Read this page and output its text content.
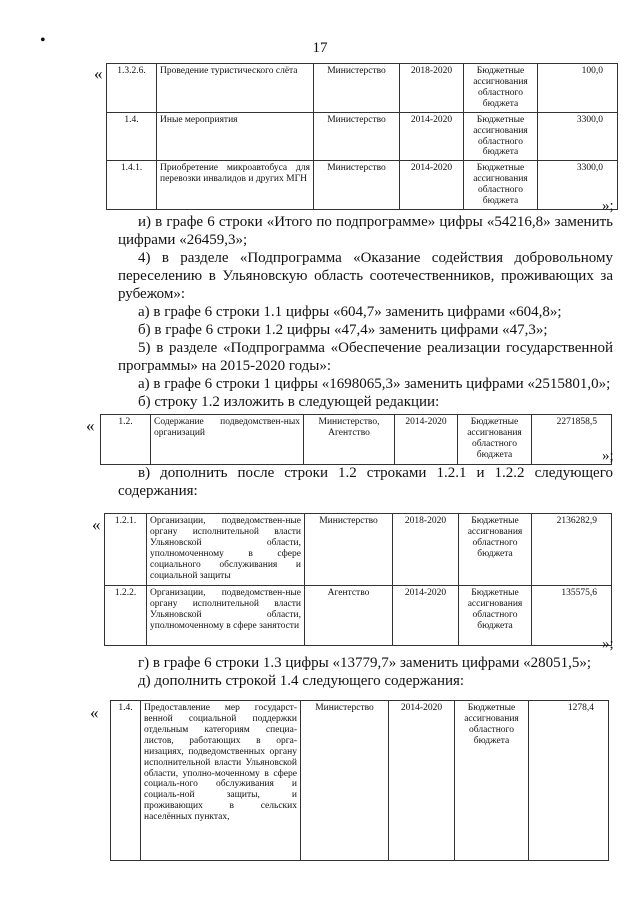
17
•
« 1.3.2.6.	Проведение туристического слёта	Министерство	2018-2020	Бюджетные ассигнования областного бюджета	100,0
1.4.	Иные мероприятия	Министерство	2014-2020	Бюджетные ассигнования областного бюджета	3300,0
1.4.1.	Приобретение микроавтобуса для перевозки инвалидов и других МГН	Министерство	2014-2020	Бюджетные ассигнования областного бюджета	3300,0
»;

и) в графе 6 строки «Итого по подпрограмме» цифры «54216,8» заменить цифрами «26459,3»;

4) в разделе «Подпрограмма «Оказание содействия добровольному переселению в Ульяновскую область соотечественников, проживающих за рубежом»:

а) в графе 6 строки 1.1 цифры «604,7» заменить цифрами «604,8»;

б) в графе 6 строки 1.2 цифры «47,4» заменить цифрами «47,3»;

5) в разделе «Подпрограмма «Обеспечение реализации государственной программы» на 2015-2020 годы»:

а) в графе 6 строки 1 цифры «1698065,3» заменить цифрами «2515801,0»;

б) строку 1.2 изложить в следующей редакции:

«	1.2.	Содержание подведомствен-ных организаций	Министерство, Агентство	2014-2020	Бюджетные ассигнования областного бюджета	2271858,5
»;

в) дополнить после строки 1.2 строками 1.2.1 и 1.2.2 следующего содержания:

« 1.2.1.	Организации, подведомствен-ные органу исполнительной власти Ульяновской области, уполномоченному в сфере социального обслуживания и социальной защиты	Министерство	2018-2020	Бюджетные ассигнования областного бюджета	2136282,9
1.2.2.	Организации, подведомствен-ные органу исполнительной власти Ульяновской области, уполномоченному в сфере занятости	Агентство	2014-2020	Бюджетные ассигнования областного бюджета	135575,6
»;

г) в графе 6 строки 1.3 цифры «13779,7» заменить цифрами «28051,5»;

д) дополнить строкой 1.4 следующего содержания:

« 1.4.	Предоставление мер государст-венной социальной поддержки отдельным категориям специа-листов, работающих в орга-низациях, подведомственных органу исполнительной власти Ульяновской области, уполно-моченному в сфере социаль-ного обслуживания и социаль-ной защиты, и проживающих в сельских населённых пунктах,	Министерство	2014-2020	Бюджетные ассигнования областного бюджета	1278,4
